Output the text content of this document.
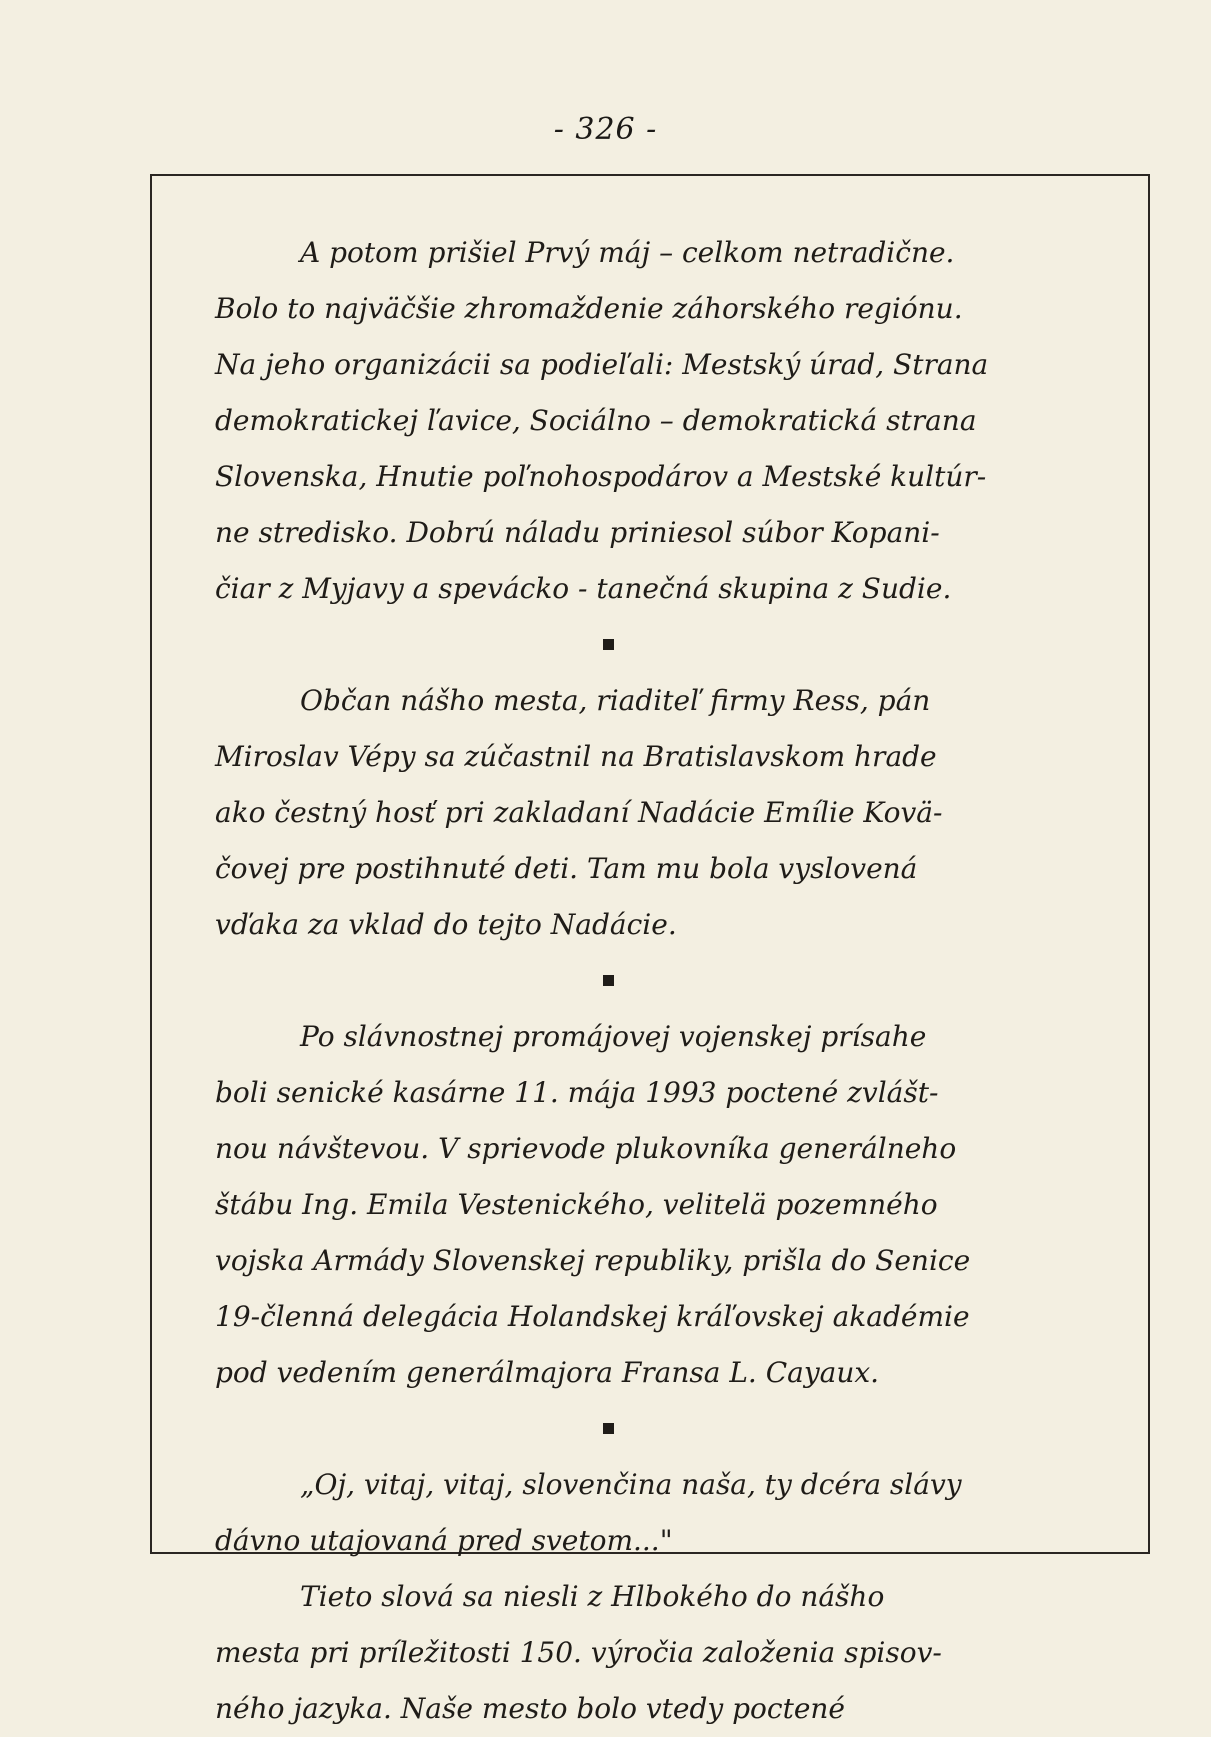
- 326 -
A potom prišiel Prvý máj – celkom netradične.
Bolo to najväčšie zhromaždenie záhorského regiónu.
Na jeho organizácii sa podieľali: Mestský úrad, Strana
demokratickej ľavice, Sociálno – demokratická strana
Slovenska, Hnutie poľnohospodárov a Mestské kultúr-
ne stredisko. Dobrú náladu priniesol súbor Kopani-
čiar z Myjavy a spevácko - tanečná skupina z Sudie.
Občan nášho mesta, riaditeľ firmy Ress, pán
Miroslav Vépy sa zúčastnil na Bratislavskom hrade
ako čestný hosť pri zakladaní Nadácie Emílie Kovä-
čovej pre postihnuté deti. Tam mu bola vyslovená
vďaka za vklad do tejto Nadácie.
Po slávnostnej promájovej vojenskej prísahe
boli senické kasárne 11. mája 1993 poctené zvlášt-
nou návštevou. V sprievode plukovníka generálneho
štábu Ing. Emila Vestenického, velitelä pozemného
vojska Armády Slovenskej republiky, prišla do Senice
19-členná delegácia Holandskej kráľovskej akadémie
pod vedením generálmajora Fransa L. Cayaux.
„Oj, vitaj, vitaj, slovenčina naša, ty dcéra slávy
dávno utajovaná pred svetom..."
Tieto slová sa niesli z Hlbokého do nášho
mesta pri príležitosti 150. výročia založenia spisov-
ného jazyka. Naše mesto bolo vtedy poctené
